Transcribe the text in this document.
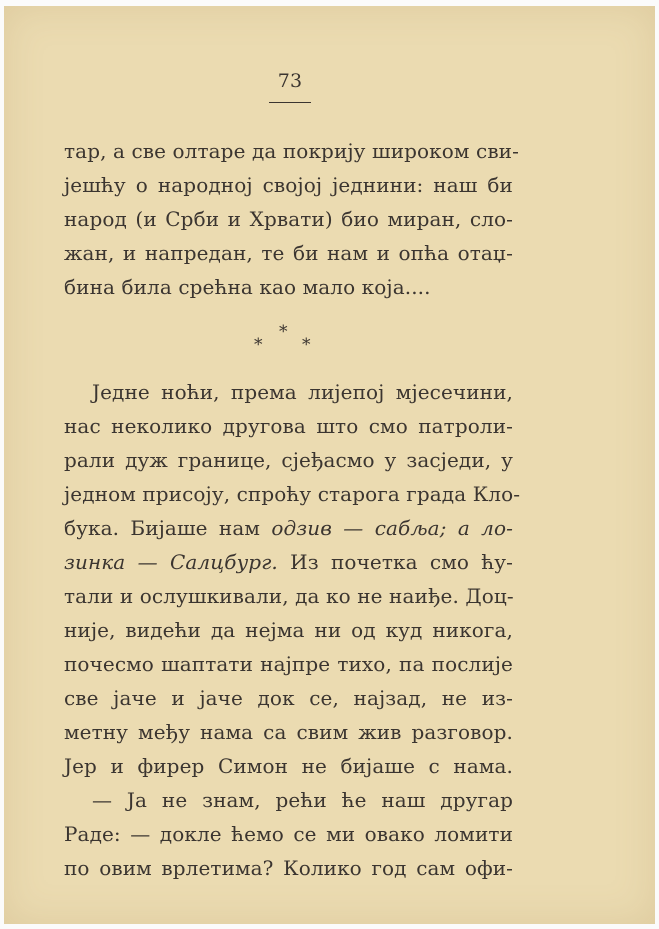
73
тар, а све олтаре да покрију широком сви-
јешћу о народној својој једнини: наш би
народ (и Срби и Хрвати) био миран, сло-
жан, и напредан, те би нам и опћа отаџ-
бина била срећна као мало која....
*
* *
Једне ноћи, према лијепој мјесечини,
нас неколико другова што смо патроли-
рали дуж границе, сјеђасмо у засједи, у
једном присоју, спроћу старога града Кло-
бука. Бијаше нам одзив — сабља; а ло-
зинка — Салцбург. Из почетка смо ћу-
тали и ослушкивали, да ко не наиђе. Доц-
није, видећи да нејма ни од куд никога,
почесмо шаптати најпре тихо, па послије
све јаче и јаче док се, најзад, не из-
метну међу нама са свим жив разговор.
Јер и фирер Симон не бијаше с нама.
— Ја не знам, рећи ће наш другар
Раде: — докле ћемо се ми овако ломити
по овим врлетима? Колико год сам офи-
